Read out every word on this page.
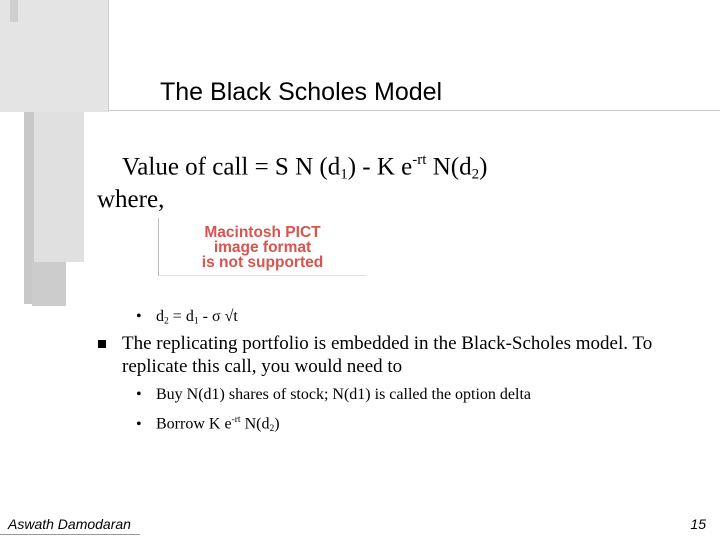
The Black Scholes Model
Value of call = S N $(d_1)$ - K $e^{-rt}$ $N(d_2)$
where,
Macintosh PICT
image format
is not supported
• $d_2 = d_1 - \sigma$ √t
The replicating portfolio is embedded in the Black-Scholes model. To replicate this call, you would need to
• Buy N(d1) shares of stock; N(d1) is called the option delta
• Borrow K $e^{-rt}$ $N(d_2)$
Aswath Damodaran	15
